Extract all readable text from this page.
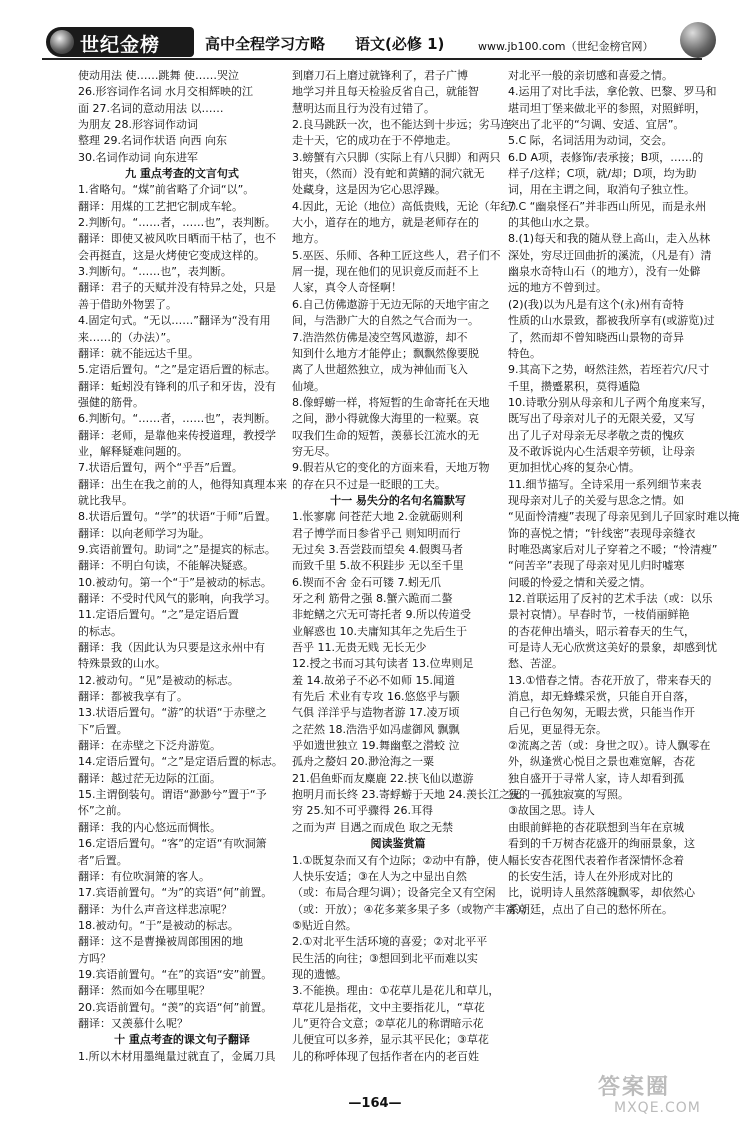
世纪金榜	高中全程学习方略 语文(必修 1)	www.jb100.com（世纪金榜官网）
使动用法 使……跳舞 使……哭泣
26.形容词作名词 水月交相辉映的江
面 27.名词的意动用法 以……
为朋友 28.形容词作动词
整理 29.名词作状语 向西 向东
30.名词作动词 向东进军
九 重点考查的文言句式
1.省略句。“煤”前省略了介词“以”。
翻译：用煤的工艺把它制成车轮。
2.判断句。“……者，……也”，表判断。
翻译：即使又被风吹日晒而干枯了，也不
会再挺直，这是火烤使它变成这样的。
3.判断句。“……也”，表判断。
翻译：君子的天赋并没有特异之处，只是
善于借助外物罢了。
4.固定句式。“无以……”翻译为“没有用
来……的（办法）”。
翻译：就不能远达千里。
5.定语后置句。“之”是定语后置的标志。
翻译：蚯蚓没有锋利的爪子和牙齿，没有
强健的筋骨。
6.判断句。“……者，……也”，表判断。
翻译：老师，是靠他来传授道理，教授学
业，解释疑难问题的。
7.状语后置句，两个“乎吾”后置。
翻译：出生在我之前的人，他得知真理本来
就比我早。
8.状语后置句。“学”的状语“于师”后置。
翻译：以向老师学习为耻。
9.宾语前置句。助词“之”是提宾的标志。
翻译：不明白句读，不能解决疑惑。
10.被动句。第一个“于”是被动的标志。
翻译：不受时代风气的影响，向我学习。
11.定语后置句。“之”是定语后置
的标志。
翻译：我（因此认为只要是这永州中有
特殊景致的山水。
12.被动句。“见”是被动的标志。
翻译：都被我享有了。
13.状语后置句。“游”的状语“于赤壁之
下”后置。
翻译：在赤壁之下泛舟游览。
14.定语后置句。“之”是定语后置的标志。
翻译：越过茫无边际的江面。
15.主谓倒装句。谓语“渺渺兮”置于“予
怀”之前。
翻译：我的内心悠远而惆怅。
16.定语后置句。“客”的定语“有吹洞箫
者”后置。
翻译：有位吹洞箫的客人。
17.宾语前置句。“为”的宾语“何”前置。
翻译：为什么声音这样悲凉呢？
18.被动句。“于”是被动的标志。
翻译：这不是曹操被周郎围困的地
方吗？
19.宾语前置句。“在”的宾语“安”前置。
翻译：然而如今在哪里呢？
20.宾语前置句。“羡”的宾语“何”前置。
翻译：又羡慕什么呢？
十 重点考查的课文句子翻译
1.所以木材用墨绳量过就直了，金属刀具
到磨刀石上磨过就锋利了，君子广博
地学习并且每天检验反省自己，就能智
慧明达而且行为没有过错了。
2.良马跳跃一次，也不能达到十步远；劣马连
走十天，它的成功在于不停地走。
3.螃蟹有六只脚（实际上有八只脚）和两只
钳夹，（然而）没有蛇和黄鳝的洞穴就无
处藏身，这是因为它心思浮躁。
4.因此，无论（地位）高低贵贱，无论（年纪）
大小，道存在的地方，就是老师存在的
地方。
5.巫医、乐师、各种工匠这些人，君子们不
屑一提，现在他们的见识竟反而赶不上
人家，真令人奇怪啊！
6.自己仿佛遨游于无边无际的天地宇宙之
间，与浩渺广大的自然之气合而为一。
7.浩浩然仿佛是凌空驾风遨游，却不
知到什么地方才能停止；飘飘然像要脱
离了人世超然独立，成为神仙而飞入
仙境。
8.像蜉蝣一样，将短暂的生命寄托在天地
之间，渺小得就像大海里的一粒粟。哀
叹我们生命的短暂，羡慕长江流水的无
穷无尽。
9.假若从它的变化的方面来看，天地万物
的存在只不过是一眨眼的工夫。
十一 易失分的名句名篇默写
1.怅寥廓 问苍茫大地 2.金就砺则利
君子博学而日参省乎己 则知明而行
无过矣 3.吾尝跂而望矣 4.假舆马者
而致千里 5.故不积跬步 无以至千里
6.锲而不舍 金石可镂 7.蚓无爪
牙之利 筋骨之强 8.蟹六跪而二螯
非蛇鳝之穴无可寄托者 9.所以传道受
业解惑也 10.夫庸知其年之先后生于
吾乎 11.无贵无贱 无长无少
12.授之书而习其句读者 13.位卑则足
羞 14.故弟子不必不如师 15.闻道
有先后 术业有专攻 16.悠悠乎与颢
气俱 洋洋乎与造物者游 17.凌万顷
之茫然 18.浩浩乎如冯虚御风 飘飘
乎如遗世独立 19.舞幽壑之潜蛟 泣
孤舟之嫠妇 20.渺沧海之一粟
21.侣鱼虾而友麋鹿 22.挟飞仙以遨游
抱明月而长终 23.寄蜉蝣于天地 24.羡长江之无
穷 25.知不可乎骤得 26.耳得
之而为声 目遇之而成色 取之无禁
阅读鉴赏篇
1.①既复杂而又有个边际；②动中有静，使人
人快乐安适；③在人为之中显出自然
（或：布局合理匀调）；设备完全又有空闲
（或：开放）；④花多莱多果子多（或物产丰富）；
⑤贴近自然。
2.①对北平生活环境的喜爱；②对北平平
民生活的向往；③想回到北平而难以实
现的遗憾。
3.不能换。理由：①花草儿是花儿和草儿，
草花儿是指花，文中主要指花儿，“草花
儿”更符合文意；②草花儿的称谓暗示花
儿便宜可以多养，显示其平民化；③草花
儿的称呼体现了包括作者在内的老百姓
对北平一般的亲切感和喜爱之情。
4.运用了对比手法，拿伦敦、巴黎、罗马和
堪司坦丁堡来做北平的参照，对照鲜明，
突出了北平的“匀调、安适、宜居”。
5.C 际，名词活用为动词，交会。
6.D A项，表修饰/表承接；B项，……的
样子/这样；C项，就/却；D项，均为助
词，用在主谓之间，取消句子独立性。
7.C “幽泉怪石”并非西山所见，而是永州
的其他山水之景。
8.(1)每天和我的随从登上高山，走入丛林
深处，穷尽迂回曲折的溪流，（凡是有）清
幽泉水奇特山石（的地方），没有一处僻
远的地方不曾到过。
(2)(我)以为凡是有这个(永)州有奇特
性质的山水景致，都被我所享有(或游览)过
了，然而却不曾知晓西山景物的奇异
特色。
9.其高下之势，岈然洼然，若垤若穴/尺寸
千里，攒蹙累积，莫得遁隐
10.诗歌分别从母亲和儿子两个角度来写，
既写出了母亲对儿子的无限关爱，又写
出了儿子对母亲无尽孝敬之责的愧疚
及不敢诉说内心生活艰辛劳顿，让母亲
更加担忧心疼的复杂心情。
11.细节描写。全诗采用一系列细节来表
现母亲对儿子的关爱与思念之情。如
“见面怜清瘦”表现了母亲见到儿子回家时难以掩
饰的喜悦之情；“针线密”表现母亲缝衣
时唯恐离家后对儿子穿着之不暖；“怜清瘦”
“问苦辛”表现了母亲对见儿归时嘘寒
问暖的怜爱之情和关爱之情。
12.首联运用了反衬的艺术手法（或：以乐
景衬哀情）。早春时节，一枝俏丽鲜艳
的杏花伸出墙头，昭示着春天的生气，
可是诗人无心欣赏这美好的景象，却感到忧
愁、苦涩。
13.①惜春之情。杏花开放了，带来春天的
消息，却无蜂蝶采赏，只能自开自落，
自己行色匆匆，无暇去赏，只能当作开
后见，更显得无奈。
②流离之苦（或：身世之叹）。诗人飘零在
外，纵逢赏心悦目之景也难宽解，杏花
独自盛开于寻常人家，诗人却看到孤
独的一孤独寂寞的写照。
③故国之思。诗人
由眼前鲜艳的杏花联想到当年在京城
看到的千万树杏花盛开的绚丽景象，这
幅长安杏花图代表着作者深情怀念着
的长安生活，诗人在外形成对比的
比，说明诗人虽然落魄飘零，却依然心
系朝廷，点出了自己的愁怀所在。
—164—
答案圈
MXQE.COM
